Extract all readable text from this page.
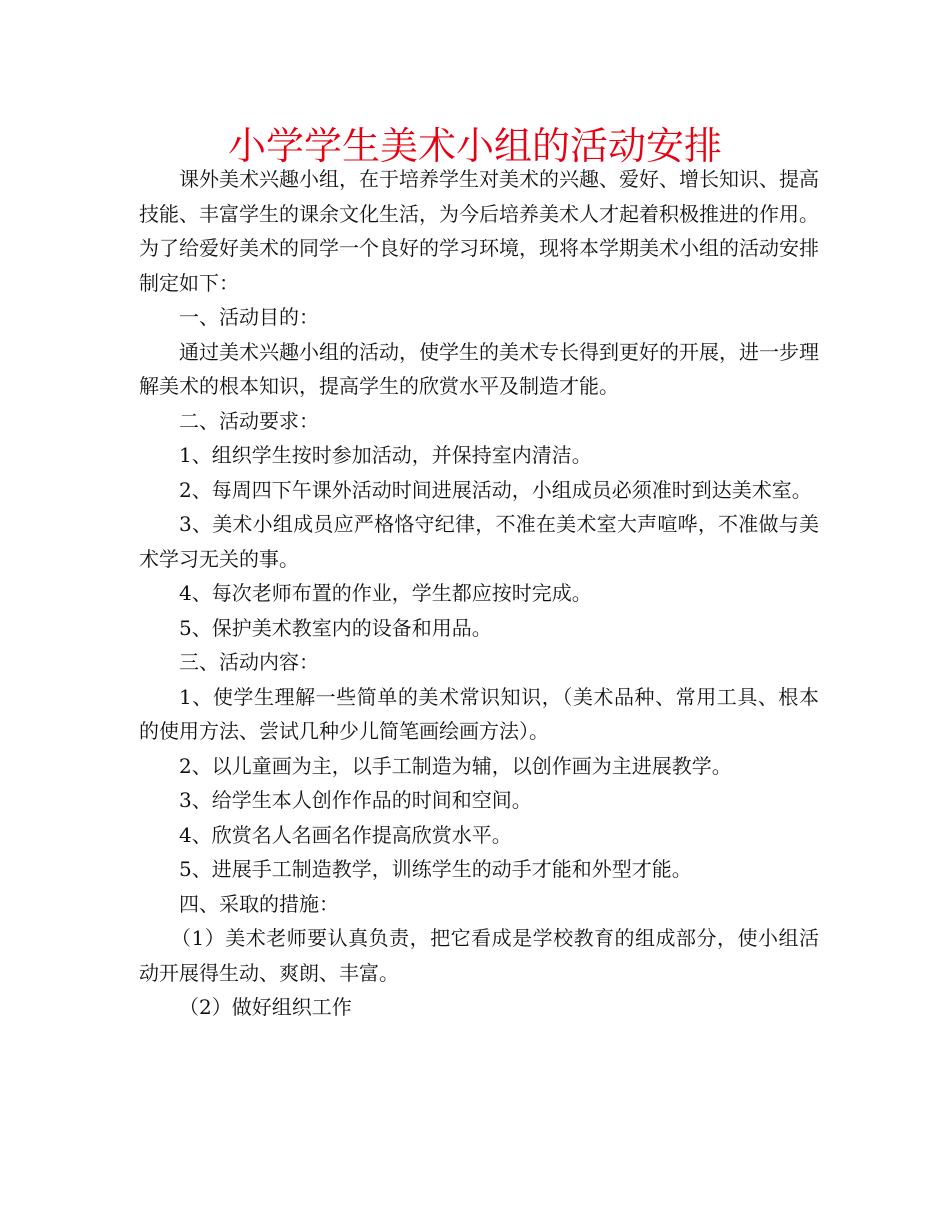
小学学生美术小组的活动安排

课外美术兴趣小组，在于培养学生对美术的兴趣、爱好、增长知识、提高技能、丰富学生的课余文化生活，为今后培养美术人才起着积极推进的作用。为了给爱好美术的同学一个良好的学习环境，现将本学期美术小组的活动安排制定如下：

一、活动目的：

通过美术兴趣小组的活动，使学生的美术专长得到更好的开展，进一步理解美术的根本知识，提高学生的欣赏水平及制造才能。

二、活动要求：

1、组织学生按时参加活动，并保持室内清洁。

2、每周四下午课外活动时间进展活动，小组成员必须准时到达美术室。

3、美术小组成员应严格恪守纪律，不准在美术室大声喧哗，不准做与美术学习无关的事。

4、每次老师布置的作业，学生都应按时完成。

5、保护美术教室内的设备和用品。

三、活动内容：

1、使学生理解一些简单的美术常识知识，（美术品种、常用工具、根本的使用方法、尝试几种少儿简笔画绘画方法）。

2、以儿童画为主，以手工制造为辅，以创作画为主进展教学。

3、给学生本人创作作品的时间和空间。

4、欣赏名人名画名作提高欣赏水平。

5、进展手工制造教学，训练学生的动手才能和外型才能。

四、采取的措施：

（1）美术老师要认真负责，把它看成是学校教育的组成部分，使小组活动开展得生动、爽朗、丰富。

（2）做好组织工作
